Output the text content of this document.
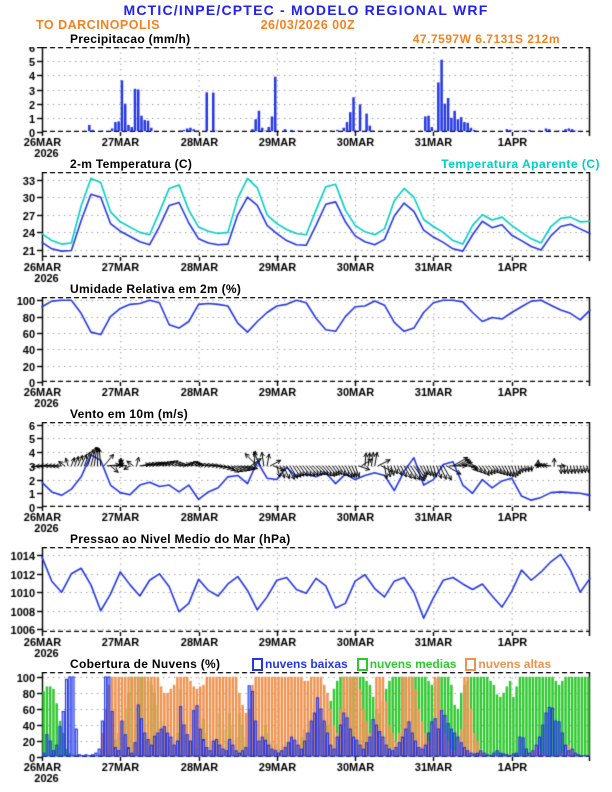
MCTIC/INPE/CPTEC - MODELO REGIONAL WRF
TO DARCINOPOLIS	26/03/2026 00Z
Precipitacao (mm/h)	47.7597W 6.7131S 212m
2-m Temperatura (C)	Temperatura Aparente (C)
Umidade Relativa em 2m (%)
Vento em 10m (m/s)
Pressao ao Nivel Medio do Mar (hPa)
Cobertura de Nuvens (%)	nuvens baixas nuvens medias nuvens altas
